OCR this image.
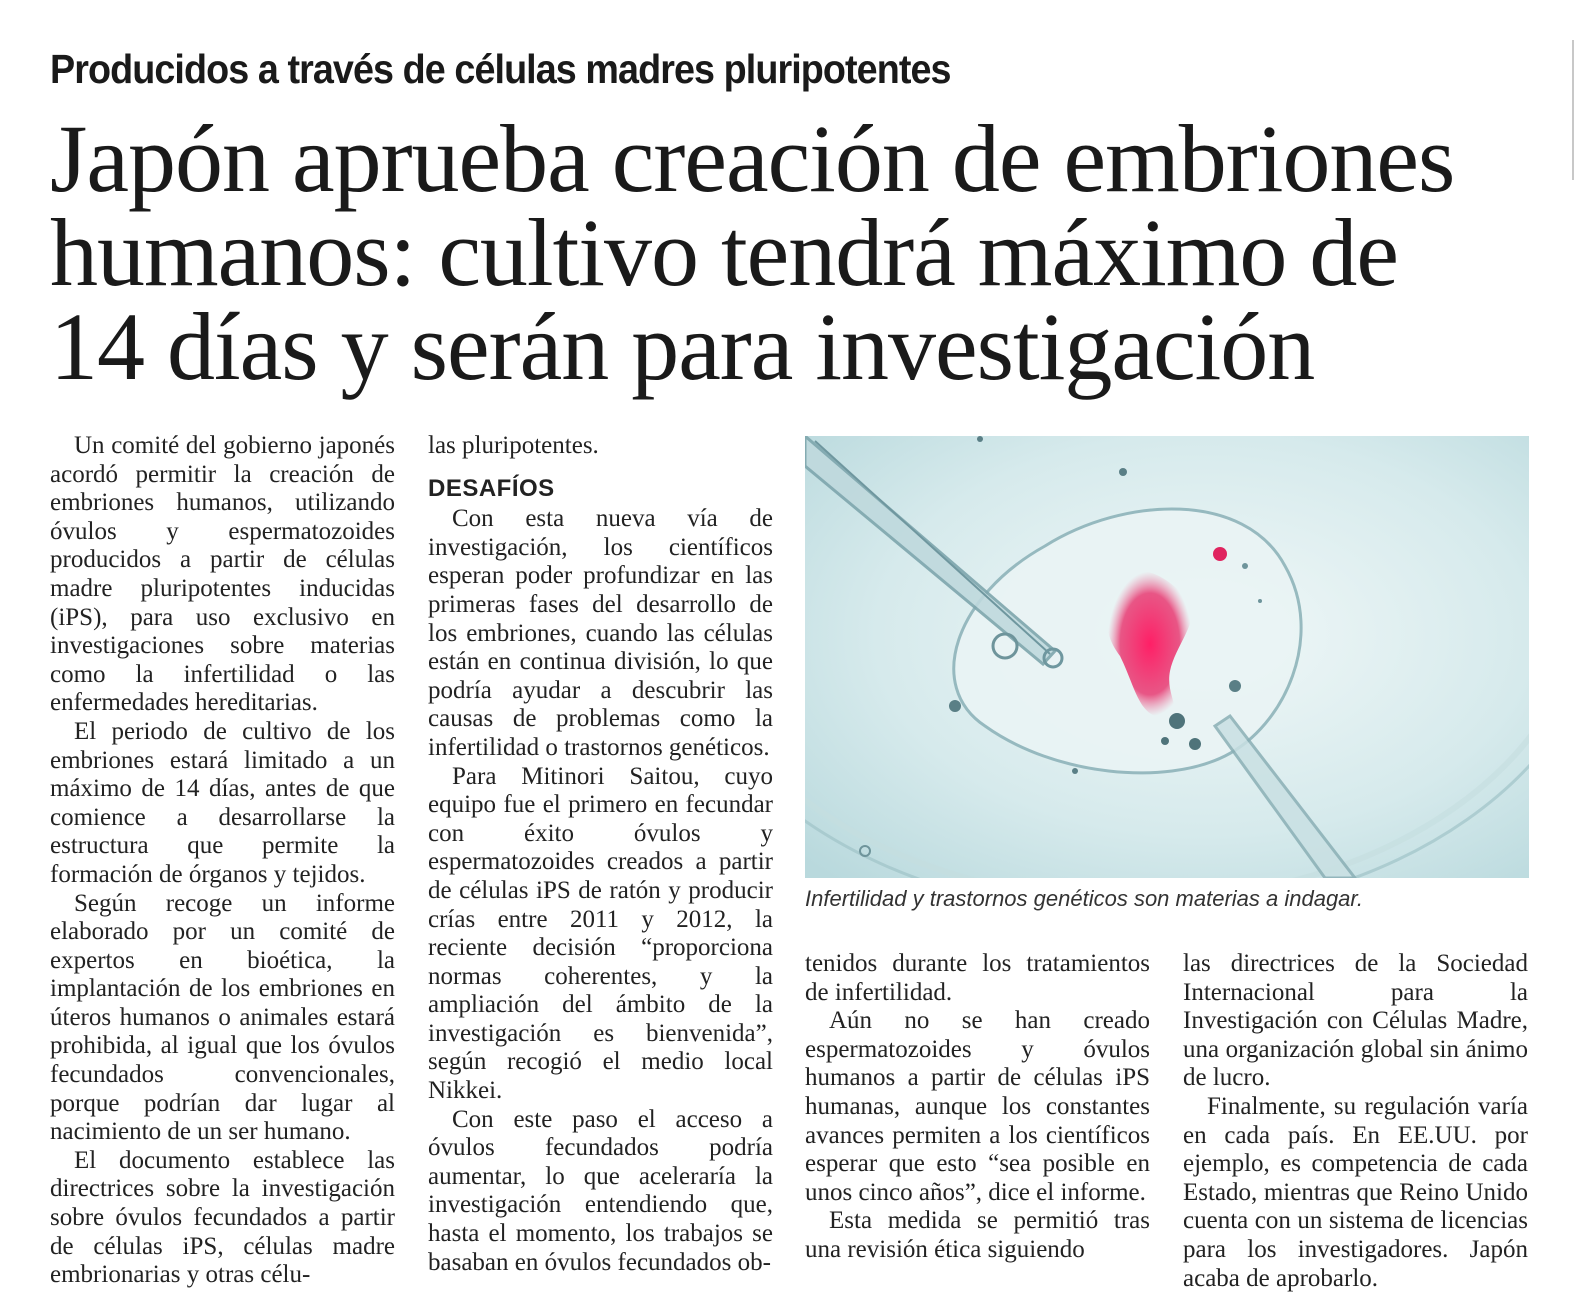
Producidos a través de células madres pluripotentes
Japón aprueba creación de embriones
humanos: cultivo tendrá máximo de
14 días y serán para investigación

Un comité del gobierno japonés acordó permitir la creación de embriones humanos, utilizando óvulos y espermatozoides producidos a partir de células madre pluripotentes inducidas (iPS), para uso exclusivo en investigaciones sobre materias como la infertilidad o las enfermedades hereditarias.

El periodo de cultivo de los embriones estará limitado a un máximo de 14 días, antes de que comience a desarrollarse la estructura que permite la formación de órganos y tejidos.

Según recoge un informe elaborado por un comité de expertos en bioética, la implantación de los embriones en úteros humanos o animales estará prohibida, al igual que los óvulos fecundados convencionales, porque podrían dar lugar al nacimiento de un ser humano.

El documento establece las directrices sobre la investigación sobre óvulos fecundados a partir de células iPS, células madre embrionarias y otras célu-

las pluripotentes.

DESAFÍOS

Con esta nueva vía de investigación, los científicos esperan poder profundizar en las primeras fases del desarrollo de los embriones, cuando las células están en continua división, lo que podría ayudar a descubrir las causas de problemas como la infertilidad o trastornos genéticos.

Para Mitinori Saitou, cuyo equipo fue el primero en fecundar con éxito óvulos y espermatozoides creados a partir de células iPS de ratón y producir crías entre 2011 y 2012, la reciente decisión “proporciona normas coherentes, y la ampliación del ámbito de la investigación es bienvenida”, según recogió el medio local Nikkei.

Con este paso el acceso a óvulos fecundados podría aumentar, lo que aceleraría la investigación entendiendo que, hasta el momento, los trabajos se basaban en óvulos fecundados ob-

Infertilidad y trastornos genéticos son materias a indagar.

tenidos durante los tratamientos de infertilidad.

Aún no se han creado espermatozoides y óvulos humanos a partir de células iPS humanas, aunque los constantes avances permiten a los científicos esperar que esto “sea posible en unos cinco años”, dice el informe.

Esta medida se permitió tras una revisión ética siguiendo

las directrices de la Sociedad Internacional para la Investigación con Células Madre, una organización global sin ánimo de lucro.

Finalmente, su regulación varía en cada país. En EE.UU. por ejemplo, es competencia de cada Estado, mientras que Reino Unido cuenta con un sistema de licencias para los investigadores. Japón acaba de aprobarlo.
